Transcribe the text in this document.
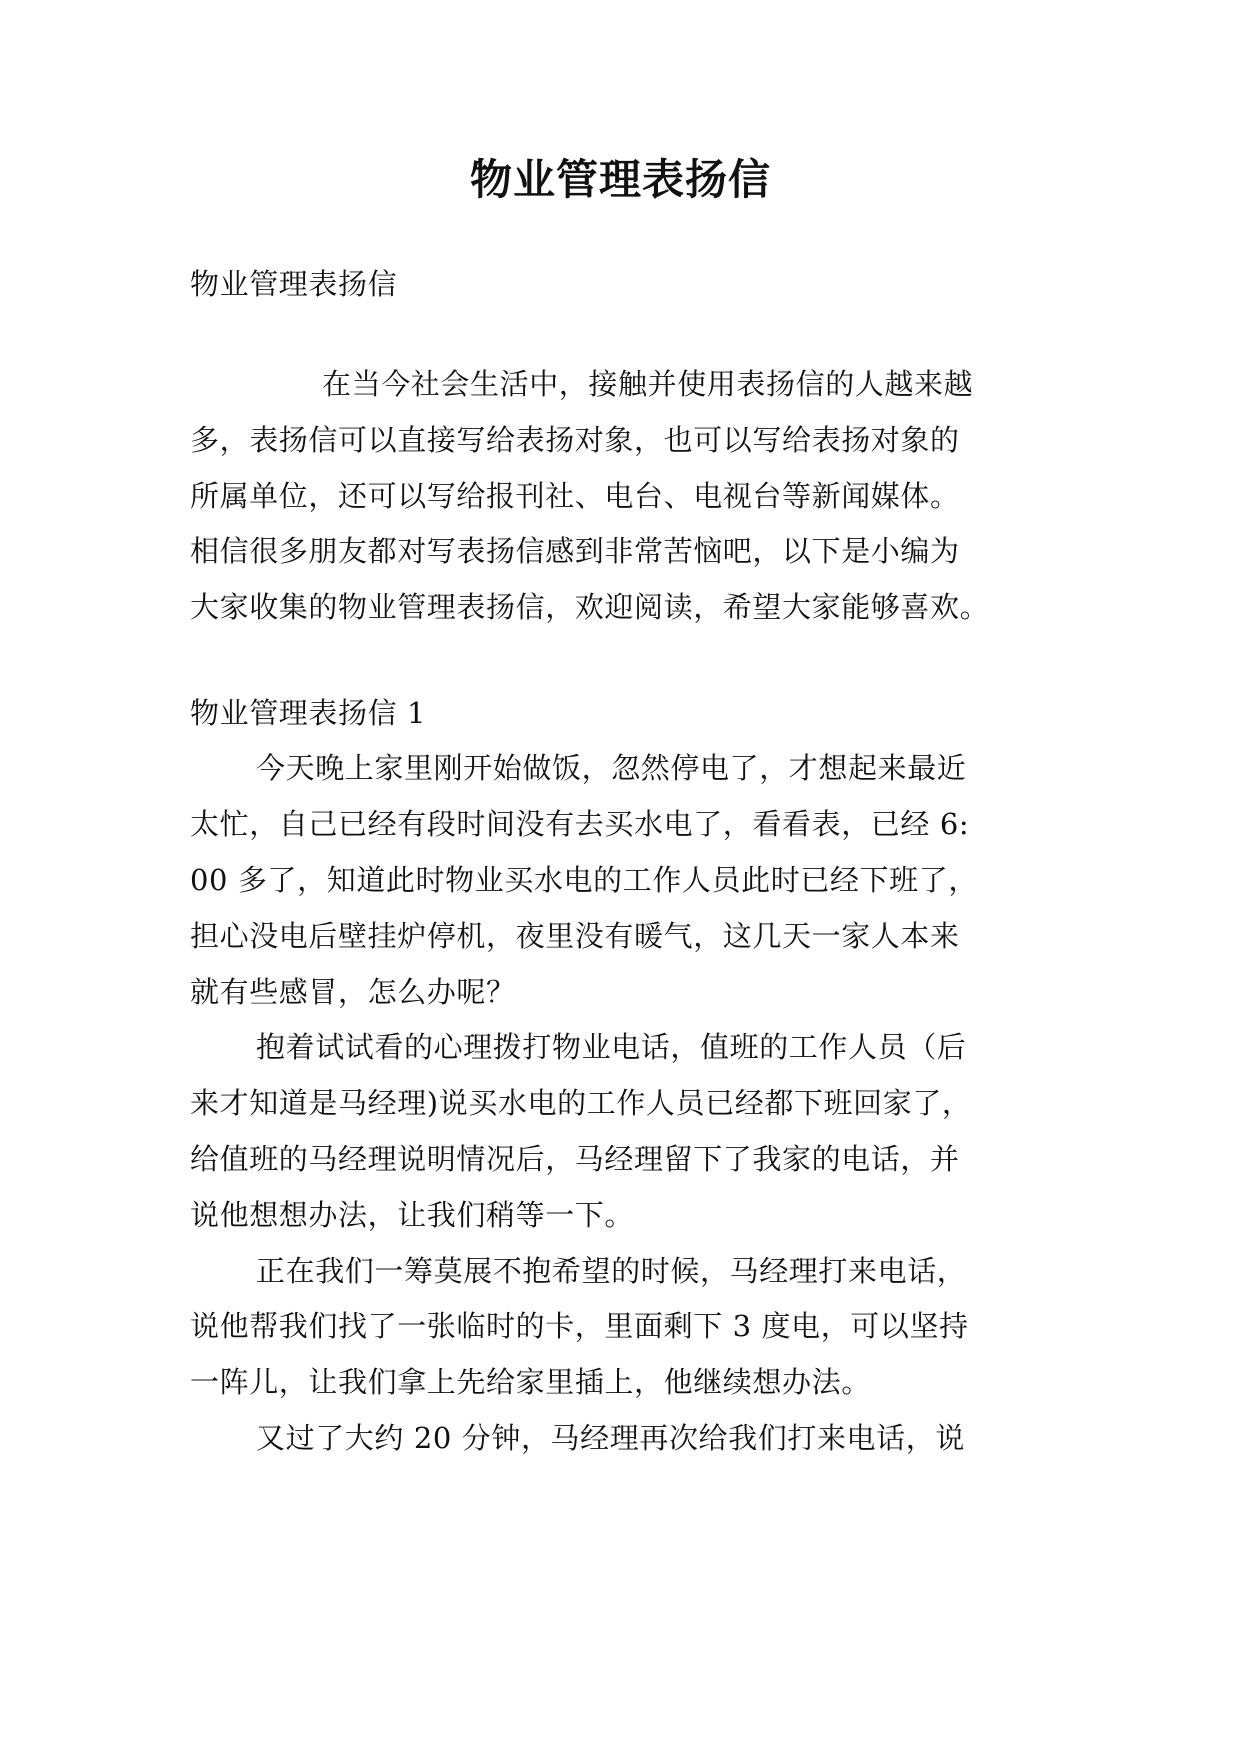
物业管理表扬信

物业管理表扬信

在当今社会生活中，接触并使用表扬信的人越来越

多，表扬信可以直接写给表扬对象，也可以写给表扬对象的

所属单位，还可以写给报刊社、电台、电视台等新闻媒体。

相信很多朋友都对写表扬信感到非常苦恼吧，以下是小编为

大家收集的物业管理表扬信，欢迎阅读，希望大家能够喜欢。

物业管理表扬信 1

今天晚上家里刚开始做饭，忽然停电了，才想起来最近

太忙，自己已经有段时间没有去买水电了，看看表，已经 6:

00 多了，知道此时物业买水电的工作人员此时已经下班了，

担心没电后壁挂炉停机，夜里没有暖气，这几天一家人本来

就有些感冒，怎么办呢？

抱着试试看的心理拨打物业电话，值班的工作人员（后

来才知道是马经理)说买水电的工作人员已经都下班回家了，

给值班的马经理说明情况后，马经理留下了我家的电话，并

说他想想办法，让我们稍等一下。

正在我们一筹莫展不抱希望的时候，马经理打来电话，

说他帮我们找了一张临时的卡，里面剩下 3 度电，可以坚持

一阵儿，让我们拿上先给家里插上，他继续想办法。

又过了大约 20 分钟，马经理再次给我们打来电话，说
